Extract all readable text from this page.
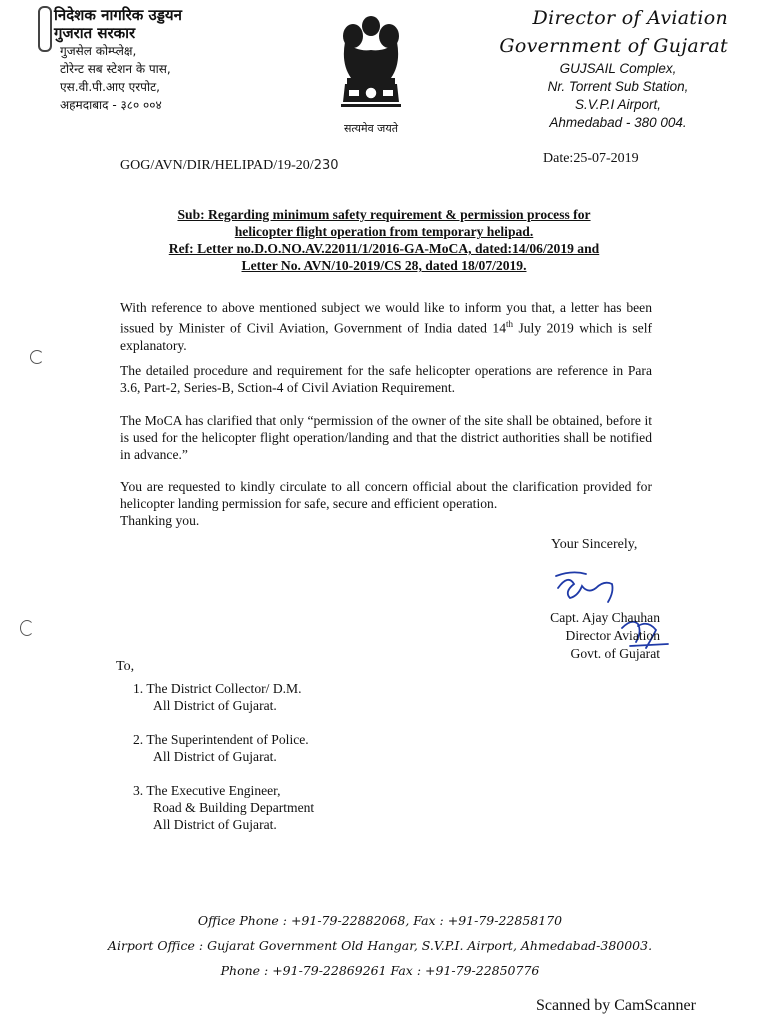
निदेशक नागरिक उड्डयन
गुजरात सरकार
गुजसेल कोम्प्लेक्ष,
टोरेन्ट सब स्टेशन के पास,
एस.वी.पी.आए एरपोट,
अहमदाबाद - ३८० ००४
सत्यमेव जयते
Director of Aviation
Government of Gujarat
GUJSAIL Complex,
Nr. Torrent Sub Station,
S.V.P.I Airport,
Ahmedabad - 380 004.
GOG/AVN/DIR/HELIPAD/19-20/230	Date:25-07-2019
Sub: Regarding minimum safety requirement & permission process for
helicopter flight operation from temporary helipad.
Ref: Letter no.D.O.NO.AV.22011/1/2016-GA-MoCA, dated:14/06/2019 and
Letter No. AVN/10-2019/CS 28, dated 18/07/2019.
With reference to above mentioned subject we would like to inform you that, a letter has been issued by Minister of Civil Aviation, Government of India dated 14th July 2019 which is self explanatory.
The detailed procedure and requirement for the safe helicopter operations are reference in Para 3.6, Part-2, Series-B, Sction-4 of Civil Aviation Requirement.
The MoCA has clarified that only “permission of the owner of the site shall be obtained, before it is used for the helicopter flight operation/landing and that the district authorities shall be notified in advance.”
You are requested to kindly circulate to all concern official about the clarification provided for helicopter landing permission for safe, secure and efficient operation.
Thanking you.
Your Sincerely,
Capt. Ajay Chauhan
Director Aviation
Govt. of Gujarat
To,
1. The District Collector/ D.M.
All District of Gujarat.
2. The Superintendent of Police.
All District of Gujarat.
3. The Executive Engineer,
Road & Building Department
All District of Gujarat.
Office Phone : +91-79-22882068, Fax : +91-79-22858170
Airport Office : Gujarat Government Old Hangar, S.V.P.I. Airport, Ahmedabad-380003.
Phone : +91-79-22869261 Fax : +91-79-22850776
Scanned by CamScanner
